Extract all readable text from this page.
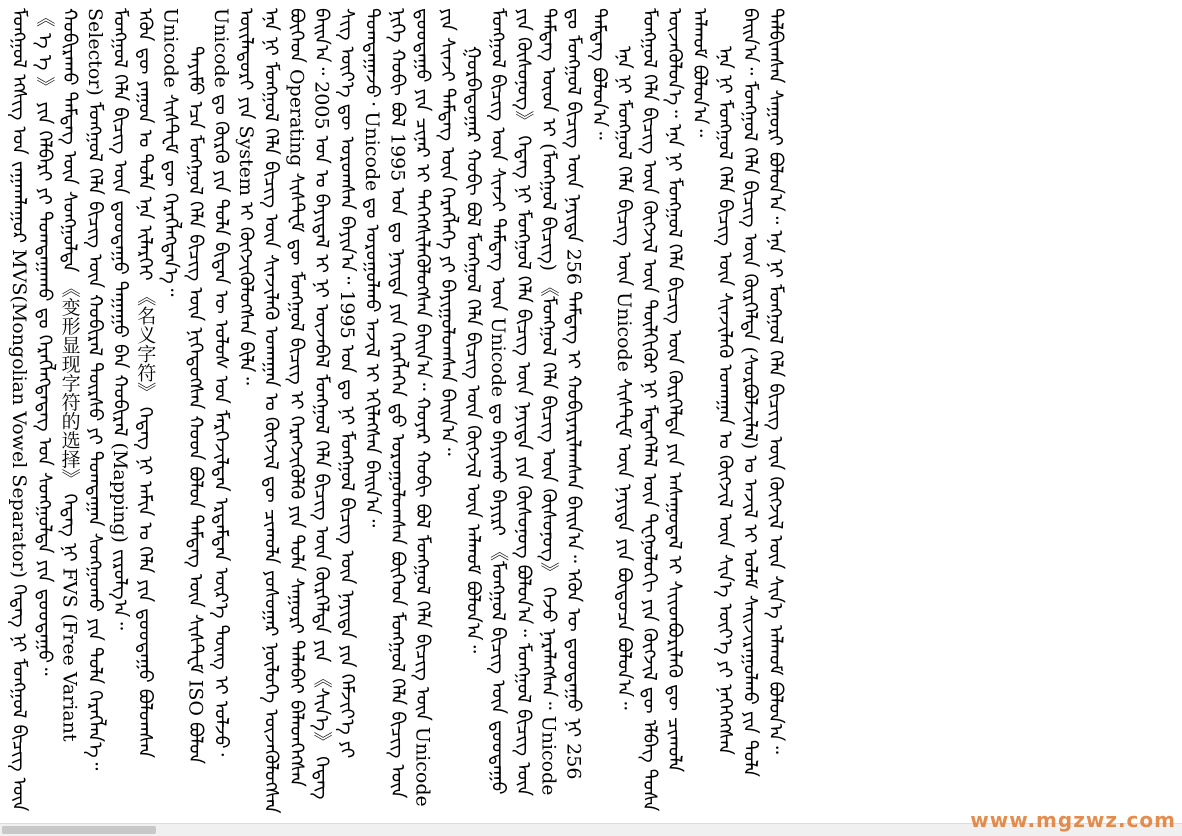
ᠮᠣᠩᠭᠣᠯ ᠡᠭᠰᠢᠭ ᠤᠨ ᠵᠠᠭᠠᠭᠯᠠᠭᠤᠷ MVS(Mongolian Vowel Separator) ᠭᠡᠳᠡᠭ ᠨᠢ ᠮᠣᠩᠭᠣᠯ ᠪᠢᠴᠢᠭ ᠦᠨ 《 ᠠ᠋ ᠡ 》 ᠶᠢᠨ ᠬᠡᠯᠪᠡᠷᠢ ᠶᠢ ᠲᠣᠭᠲᠠᠭᠠᠬᠤ ᠳᠤ ᠬᠡᠷᠡᠭᠯᠡᠭᠳᠡᠳᠡᠭ ᠤᠨ ᠰᠣᠩᠭᠣᠯᠲᠠ ᠶᠢᠨ ᠳ᠋ᠤᠤᠳᠠᠭᠤ᠃ ᠬᠤᠪᠢᠷᠠᠬᠤ ᠲᠡᠮᠳᠡᠭ ᠦᠨ ᠰᠣᠩᠭᠣᠯᠲᠠ 《变形显现字符的选择》 ᠭᠡᠳᠡᠭ ᠨᠢ FVS (Free Variant Selector) ᠮᠣᠩᠭᠣᠯ ᠬᠡᠯᠡ ᠪᠢᠴᠢᠭ ᠦᠨ ᠬᠤᠪᠢᠷᠠᠯ ᠳᠦᠷᠰᠦ ᠶᠢ ᠲᠣᠭᠲᠠᠭᠠᠨ ᠰᠣᠩᠭᠣᠬᠤ ᠶᠢᠨ ᠲᠤᠯᠠ ᠬᠡᠷᠡᠭᠯᠡᠨ᠎ᠡ᠃ ᠮᠣᠩᠭᠣᠯ ᠬᠡᠯᠡ ᠪᠢᠴᠢᠭ ᠦᠨ ᠳ᠋ᠤᠤᠳᠠᠭᠤ ᠳᠠᠭᠠᠭᠤ ᠪᠡᠨ ᠬᠤᠪᠢᠷᠠᠯ (Mapping) ᠵᠢᠷᠤᠯᠭ᠎ᠠ᠃ ᠡᠭᠦᠨ ᠳᠦ ᠶᠠᠭᠤᠨ ᠤ ᠲᠤᠯᠠ ᠡᠨᠡ ᠢᠯᠡᠷᠬᠡᠢ 《名义字符》 ᠭᠡᠳᠡᠭ ᠨᠢ ᠠᠮᠢᠨ ᠤ ᠬᠡᠯᠡ ᠶᠢᠨ ᠳ᠋ᠤᠤᠳᠠᠭᠤ ᠪᠣᠯᠤᠭᠰᠠᠨ Unicode ᠰᠢᠰᠲ᠋ᠧᠮ ᠳᠦ ᠬᠡᠷᠡᠭᠯᠡᠭᠳᠡᠨ᠎ᠡ᠃ ᠲᠡᠶᠢᠮᠦ ᠡᠴᠡ ᠮᠣᠩᠭᠣᠯ ᠬᠡᠯᠡ ᠪᠢᠴᠢᠭ ᠦᠨ ᠨᠢᠭᠡᠳᠦᠭᠰᠡᠨ ᠬᠣᠳ ᠪᠣᠯᠣᠨ ᠲᠡᠮᠳᠡᠭ ᠦᠨ ᠰᠢᠰᠲ᠋ᠧᠮ ISO ᠪᠣᠯᠣᠨ Unicode ᠳᠤ ᠬᠦᠷᠬᠦ ᠶᠢᠨ ᠲᠤᠯᠠ ᠪᠢᠳᠡᠨ ᠦ ᠤᠯᠤᠰ ᠤᠨ ᠮᠡᠷᠭᠡᠵᠢᠯᠲᠡᠨ ᠡᠷᠳᠡᠮᠲᠡᠨ ᠦᠷ᠎ᠡ ᠳᠦᠩ ᠢ ᠣᠯᠵᠤ᠂ ᠦᠢᠯᠡᠳᠦᠷᠢ ᠶᠢᠨ System ᠢ ᠬᠥᠭᠵᠢᠭᠦᠯᠦᠭᠰᠡᠨ ᠪᠢᠯᠡ᠃ ᠡᠨᠡ ᠨᠢ ᠮᠣᠩᠭᠣᠯ ᠬᠡᠯᠡ ᠪᠢᠴᠢᠭ ᠦᠨ ᠰᠢᠨᠵᠢᠯᠡᠬᠦ ᠤᠬᠠᠭᠠᠨ ᠤ ᠬᠥᠭᠵᠢᠯ ᠳᠦ ᠴᠢᠬᠤᠯᠠ ᠶᠤᠰᠤᠭᠠᠷ ᠨᠥᠯᠦᠭᠡ ᠦᠵᠡᠭᠦᠯᠦᠭᠰᠡᠨ ᠪᠥᠭᠡᠳ Operating ᠰᠢᠰᠲ᠋ᠧᠮ ᠳᠦ ᠮᠣᠩᠭᠣᠯ ᠪᠢᠴᠢᠭ ᠢ ᠬᠡᠷᠡᠭᠵᠢᠭᠦᠯᠬᠦ ᠶᠢᠨ ᠲᠤᠯᠠ ᠰᠠᠭᠤᠷᠢ ᠲᠠᠯᠠᠪᠠᠢ ᠪᠡᠯᠡᠳᠬᠡᠭᠰᠡᠨ ᠪᠠᠢᠨ᠎ᠠ᠃ 2005 ᠣᠨ ᠤ ᠪᠠᠶᠢᠳᠠᠯ ᠢ ᠨᠢ ᠦᠵᠡᠪᠡᠯ ᠮᠣᠩᠭᠣᠯ ᠬᠡᠯᠡ ᠪᠢᠴᠢᠭ ᠦᠨ ᠬᠦᠷᠭᠡᠯᠲᠡ ᠶᠢᠨ 《ᠰᠢᠨ᠎ᠡ》 ᠭᠡᠳᠡᠭ ᠰᠢᠭ ᠦᠶ᠎ᠡ ᠳᠦ ᠣᠷᠣᠭᠰᠠᠨ ᠪᠠᠶᠢᠨ᠎ᠠ᠃ 1995 ᠣᠨ ᠳᠤ ᠨᠢ ᠮᠣᠩᠭᠣᠯ ᠪᠢᠴᠢᠭ ᠦᠨ ᠨᠡᠶᠢᠲᠡ ᠶᠢᠨ ᠬᠡᠮᠵᠢᠶ᠎ᠡ ᠶᠢ ᠲᠣᠭᠲᠠᠭᠠᠵᠤ᠂ Unicode ᠳᠤ ᠣᠷᠣᠭᠤᠯᠬᠤ ᠠᠵᠢᠯ ᠢ ᠡᠬᠢᠯᠡᠭᠰᠡᠨ ᠪᠠᠢᠨ᠎ᠠ᠃ ᠨᠢᠭᠡ ᠬᠤᠪᠢ ᠪᠣᠯ 1995 ᠣᠨ ᠳᠤ ᠨᠡᠶᠢᠲᠡ ᠶᠢᠨ ᠬᠡᠷᠡᠭᠯᠡᠭᠡᠨ ᠳ᠋ᠤ ᠣᠷᠣᠭᠤᠯᠤᠭᠰᠠᠨ ᠪᠥᠭᠡᠳ ᠮᠣᠩᠭᠣᠯ ᠬᠡᠯᠡ ᠪᠢᠴᠢᠭ ᠦᠨ ᠳ᠋ᠤᠤᠳᠠᠭᠤ ᠶᠢᠨ ᠴᠢᠨᠠᠷ ᠢ ᠳᠡᠭᠡᠭᠰᠢᠯᠡᠭᠦᠯᠦᠭᠰᠡᠨ ᠪᠠᠢᠨ᠎ᠠ᠃ ᠬᠣᠶᠠᠷ ᠬᠤᠪᠢ ᠪᠣᠯ ᠮᠣᠩᠭᠣᠯ ᠬᠡᠯᠡ ᠪᠢᠴᠢᠭ ᠦᠨ Unicode ᠶᠢᠨ ᠰᠢᠨᠵᠢ ᠲᠡᠮᠳᠡᠭ ᠦᠨ ᠬᠡᠷᠡᠭᠯᠡᠭᠡ ᠶᠢ ᠪᠠᠶᠢᠭᠤᠯᠤᠭᠰᠠᠨ ᠪᠠᠢᠨ᠎ᠠ᠃ ᠭᠤᠷᠪᠠᠳᠤᠭᠠᠷ ᠬᠤᠪᠢ ᠪᠣᠯ ᠮᠣᠩᠭᠣᠯ ᠬᠡᠯᠡ ᠪᠢᠴᠢᠭ ᠦᠨ ᠬᠥᠭᠵᠢᠯ ᠦᠨ ᠠᠯᠬᠤᠮ ᠪᠣᠯᠤᠨ᠎ᠠ᠃ ᠮᠣᠩᠭᠣᠯ ᠪᠢᠴᠢᠭ ᠦᠨ ᠰᠢᠨᠵᠢ ᠲᠡᠮᠳᠡᠭ ᠦᠨ Unicode ᠳᠤ ᠪᠠᠶᠢᠬᠤ ᠪᠠᠶᠢᠷᠢ 《ᠮᠣᠩᠭᠣᠯ ᠪᠢᠴᠢᠭ ᠦᠨ ᠳ᠋ᠤᠤᠳᠠᠭᠤ ᠶᠢᠨ ᠬᠦᠰᠦᠨᠦᠭ》 ᠭᠡᠳᠡᠭ ᠨᠢ ᠮᠣᠩᠭᠣᠯ ᠬᠡᠯᠡ ᠪᠢᠴᠢᠭ ᠦᠨ ᠨᠡᠶᠢᠲᠡ ᠶᠢᠨ ᠬᠦᠰᠦᠨᠦᠭ ᠪᠣᠯᠤᠨ᠎ᠠ᠃ ᠮᠣᠩᠭᠣᠯ ᠪᠢᠴᠢᠭ ᠦᠨ ᠲᠡᠮᠳᠡᠭ ᠦᠳ ᠢ (ᠮᠣᠩᠭᠣᠯ ᠪᠢᠴᠢᠭ) 《ᠮᠣᠩᠭᠣᠯ ᠬᠡᠯᠡ ᠪᠢᠴᠢᠭ ᠦᠨ ᠬᠦᠰᠦᠨᠦᠭ》 ᠭᠡᠵᠦ ᠨᠡᠷᠡᠯᠡᠭᠰᠡᠨ᠃ Unicode ᠳᠤ ᠮᠣᠩᠭᠣᠯ ᠪᠢᠴᠢᠭ ᠦᠨ ᠨᠡᠶᠢᠲᠡ 256 ᠲᠡᠮᠳᠡᠭ ᠢ ᠬᠤᠪᠢᠶᠠᠷᠢᠯᠠᠭᠰᠠᠨ ᠪᠠᠢᠨ᠎ᠠ᠃ ᠡᠭᠦᠨ ᠦ ᠳ᠋ᠤᠤᠳᠠᠭᠤ ᠨᠢ 256 ᠲᠡᠮᠳᠡᠭ ᠪᠣᠯᠤᠨ᠎ᠠ᠃ ᠡᠨᠡ ᠨᠢ ᠮᠣᠩᠭᠣᠯ ᠬᠡᠯᠡ ᠪᠢᠴᠢᠭ ᠦᠨ Unicode ᠰᠢᠰᠲ᠋ᠧᠮ ᠦᠨ ᠨᠡᠶᠢᠲᠡ ᠶᠢᠨ ᠪᠦᠲᠦᠴᠡ ᠪᠣᠯᠤᠨ᠎ᠠ᠃ ᠮᠣᠩᠭᠣᠯ ᠬᠡᠯᠡ ᠪᠢᠴᠢᠭ ᠦᠨ ᠬᠥᠭᠵᠢᠯ ᠦᠨ ᠲᠦᠯᠬᠢᠭᠦᠷ ᠨᠢ ᠮᠡᠳᠡᠭᠡᠯᠡᠯ ᠦᠨ ᠲᠧᠭᠨᠣᠯᠣᠭᠢ ᠶᠢᠨ ᠬᠥᠭᠵᠢᠯ ᠳᠦ ᠡᠯᠪᠡᠭ ᠲᠤᠰᠠ ᠦᠵᠡᠭᠦᠯᠦᠨ᠎ᠡ᠃ ᠡᠨᠡ ᠨᠢ ᠮᠣᠩᠭᠣᠯ ᠬᠡᠯᠡ ᠪᠢᠴᠢᠭ ᠦᠨ ᠬᠦᠷᠭᠡᠯᠲᠡ ᠶᠢᠨ ᠠᠰᠠᠭᠤᠳᠠᠯ ᠢ ᠰᠢᠢᠳᠪᠦᠷᠢᠯᠡᠬᠦ ᠳᠦ ᠴᠢᠬᠤᠯᠠ ᠠᠯᠬᠤᠮ ᠪᠣᠯᠤᠨ᠎ᠠ᠃ ᠡᠨᠡ ᠨᠢ ᠮᠣᠩᠭᠣᠯ ᠬᠡᠯᠡ ᠪᠢᠴᠢᠭ ᠦᠨ ᠰᠢᠨᠵᠢᠯᠡᠬᠦ ᠤᠬᠠᠭᠠᠨ ᠤ ᠬᠥᠭᠵᠢᠯ ᠦᠨ ᠰᠢᠨ᠎ᠡ ᠦᠶ᠎ᠡ ᠶᠢ ᠨᠡᠭᠡᠭᠡᠭᠰᠡᠨ ᠪᠠᠢᠨ᠎ᠠ᠃ ᠮᠣᠩᠭᠣᠯ ᠬᠡᠯᠡ ᠪᠢᠴᠢᠭ ᠦᠨ ᠬᠦᠷᠭᠡᠯᠲᠡ (ᠰᠤᠷᠪᠤᠯᠵᠢᠯᠠᠯ) ᠤ ᠠᠵᠢᠯ ᠢ ᠤᠯᠠᠮ ᠰᠠᠢᠵᠢᠷᠠᠭᠤᠯᠬᠤ ᠶᠢᠨ ᠲᠤᠯᠠ ᠲᠠᠯᠪᠢᠭᠰᠠᠨ ᠰᠠᠭᠤᠷᠢ ᠪᠣᠯᠤᠨ᠎ᠠ᠃ ᠡᠨᠡ ᠨᠢ ᠮᠣᠩᠭᠣᠯ ᠬᠡᠯᠡ ᠪᠢᠴᠢᠭ ᠦᠨ ᠬᠥᠭᠵᠢᠯ ᠦᠨ ᠰᠢᠨ᠎ᠡ ᠠᠯᠬᠤᠮ ᠪᠣᠯᠤᠨ᠎ᠠ᠃

www.mgzwz.com
